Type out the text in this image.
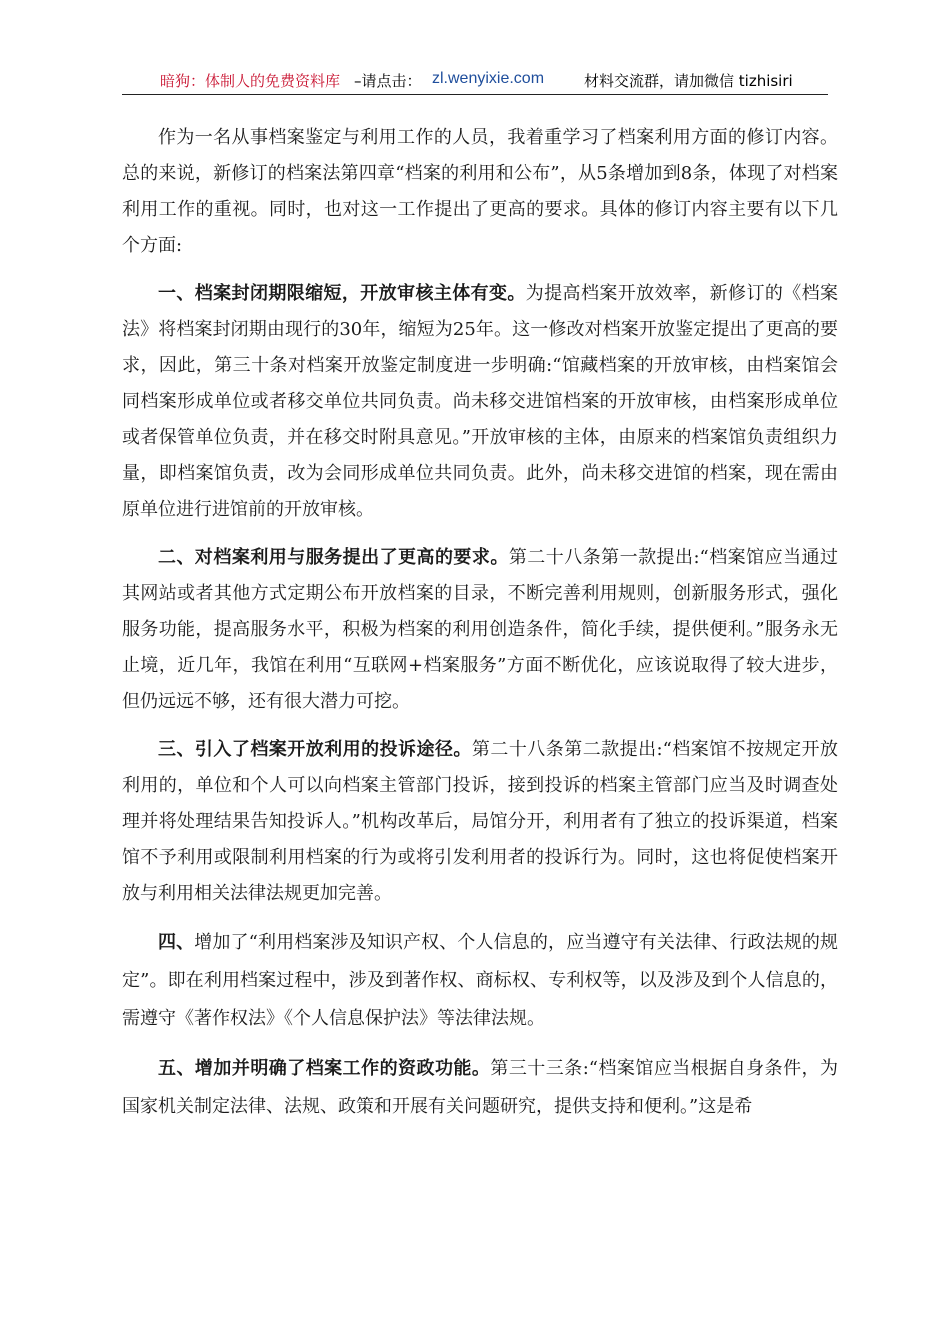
暗狗：体制人的免费资料库 –请点击： zl.wenyixie.com	材料交流群，请加微信 tizhisiri

作为一名从事档案鉴定与利用工作的人员，我着重学习了档案利用方面的修订内容。总的来说，新修订的档案法第四章“档案的利用和公布”，从5条增加到8条，体现了对档案利用工作的重视。同时，也对这一工作提出了更高的要求。具体的修订内容主要有以下几个方面:

一、档案封闭期限缩短，开放审核主体有变。为提高档案开放效率，新修订的《档案法》将档案封闭期由现行的30年，缩短为25年。这一修改对档案开放鉴定提出了更高的要求，因此，第三十条对档案开放鉴定制度进一步明确:“馆藏档案的开放审核，由档案馆会同档案形成单位或者移交单位共同负责。尚未移交进馆档案的开放审核，由档案形成单位或者保管单位负责，并在移交时附具意见。”开放审核的主体，由原来的档案馆负责组织力量，即档案馆负责，改为会同形成单位共同负责。此外，尚未移交进馆的档案，现在需由原单位进行进馆前的开放审核。

二、对档案利用与服务提出了更高的要求。第二十八条第一款提出:“档案馆应当通过其网站或者其他方式定期公布开放档案的目录，不断完善利用规则，创新服务形式，强化服务功能，提高服务水平，积极为档案的利用创造条件，简化手续，提供便利。”服务永无止境，近几年，我馆在利用“互联网+档案服务”方面不断优化，应该说取得了较大进步，但仍远远不够，还有很大潜力可挖。

三、引入了档案开放利用的投诉途径。第二十八条第二款提出:“档案馆不按规定开放利用的，单位和个人可以向档案主管部门投诉，接到投诉的档案主管部门应当及时调查处理并将处理结果告知投诉人。”机构改革后，局馆分开，利用者有了独立的投诉渠道，档案馆不予利用或限制利用档案的行为或将引发利用者的投诉行为。同时，这也将促使档案开放与利用相关法律法规更加完善。

四、增加了“利用档案涉及知识产权、个人信息的，应当遵守有关法律、行政法规的规定”。即在利用档案过程中，涉及到著作权、商标权、专利权等，以及涉及到个人信息的，需遵守《著作权法》《个人信息保护法》等法律法规。

五、增加并明确了档案工作的资政功能。第三十三条:“档案馆应当根据自身条件，为国家机关制定法律、法规、政策和开展有关问题研究，提供支持和便利。”这是希
